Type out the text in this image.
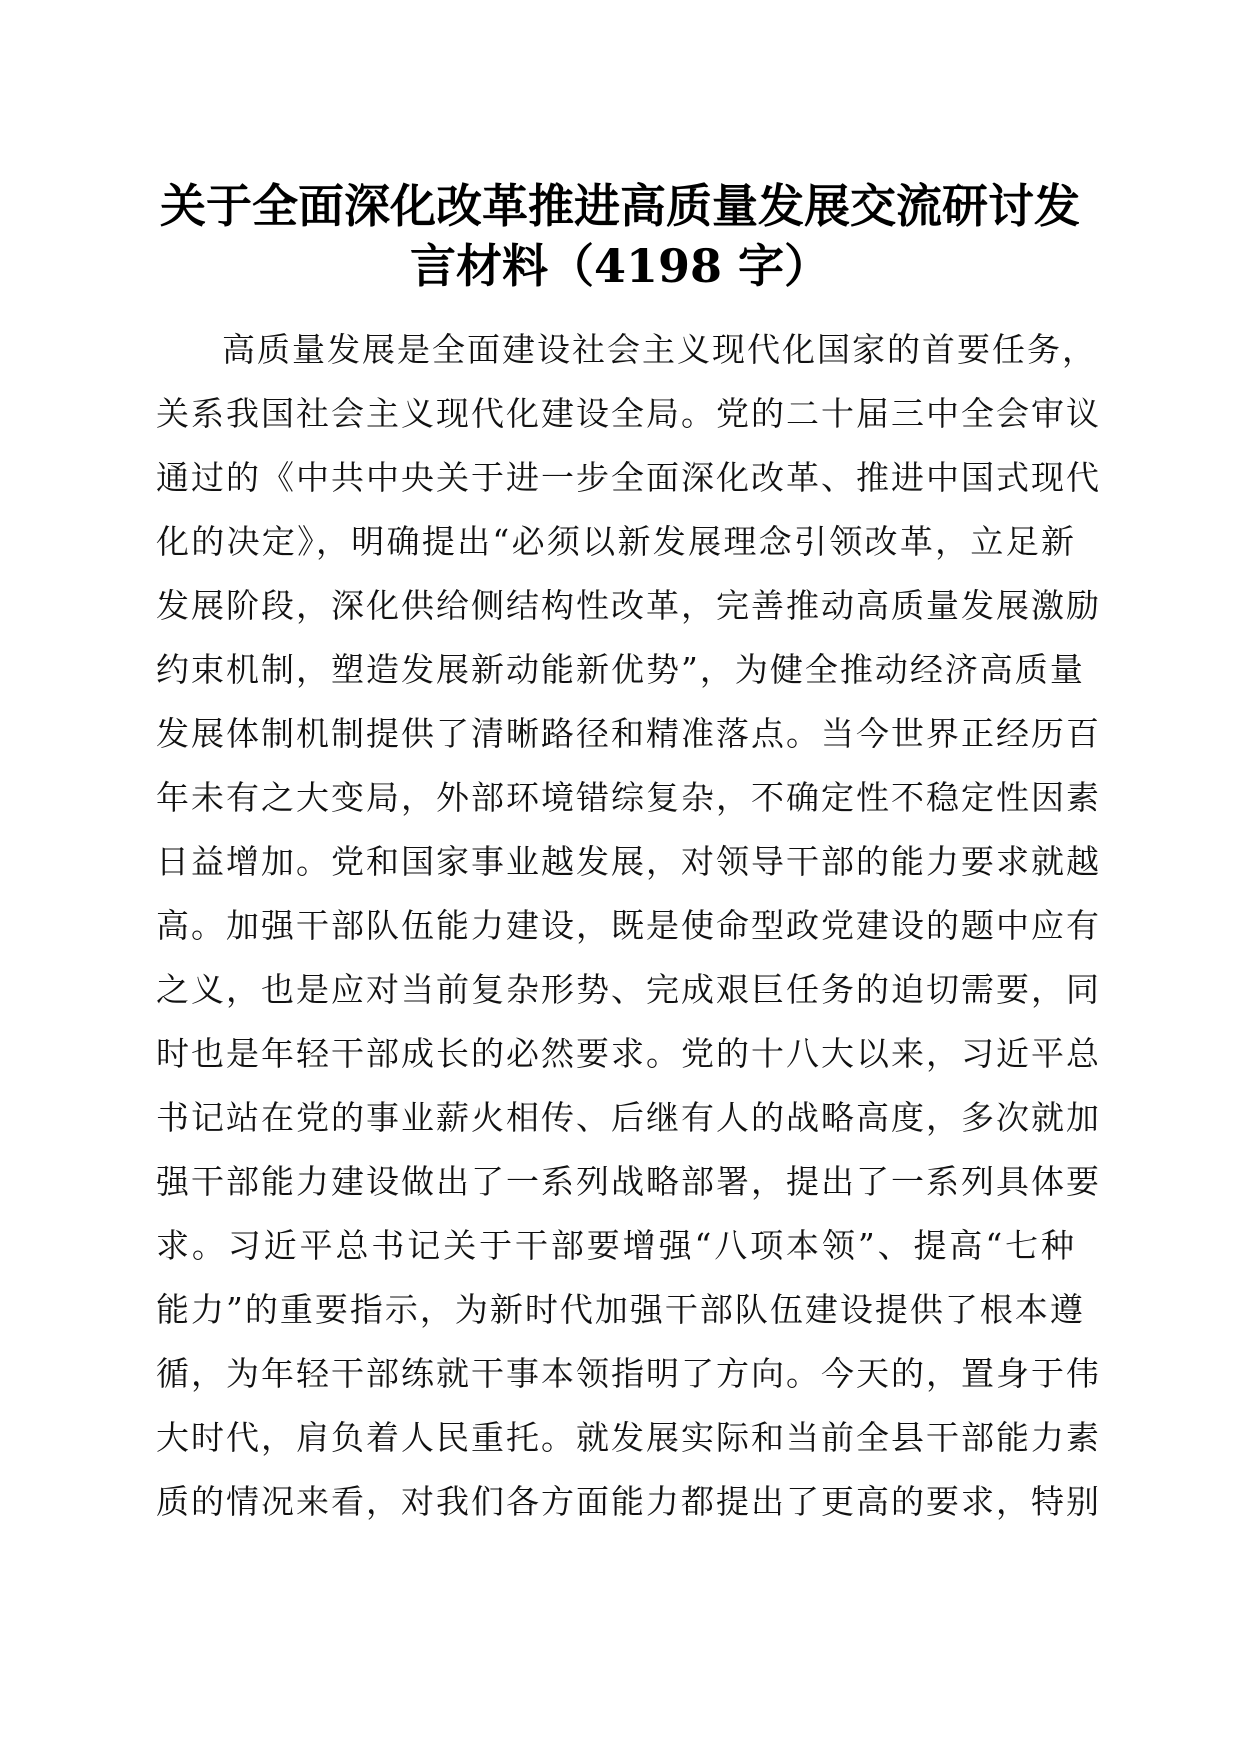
关于全面深化改革推进高质量发展交流研讨发
言材料（4198 字）
高质量发展是全面建设社会主义现代化国家的首要任务，
关系我国社会主义现代化建设全局。党的二十届三中全会审议
通过的《中共中央关于进一步全面深化改革、推进中国式现代
化的决定》，明确提出“必须以新发展理念引领改革，立足新
发展阶段，深化供给侧结构性改革，完善推动高质量发展激励
约束机制，塑造发展新动能新优势”，为健全推动经济高质量
发展体制机制提供了清晰路径和精准落点。当今世界正经历百
年未有之大变局，外部环境错综复杂，不确定性不稳定性因素
日益增加。党和国家事业越发展，对领导干部的能力要求就越
高。加强干部队伍能力建设，既是使命型政党建设的题中应有
之义，也是应对当前复杂形势、完成艰巨任务的迫切需要，同
时也是年轻干部成长的必然要求。党的十八大以来，习近平总
书记站在党的事业薪火相传、后继有人的战略高度，多次就加
强干部能力建设做出了一系列战略部署，提出了一系列具体要
求。习近平总书记关于干部要增强“八项本领”、提高“七种
能力”的重要指示，为新时代加强干部队伍建设提供了根本遵
循，为年轻干部练就干事本领指明了方向。今天的，置身于伟
大时代，肩负着人民重托。就发展实际和当前全县干部能力素
质的情况来看，对我们各方面能力都提出了更高的要求，特别
